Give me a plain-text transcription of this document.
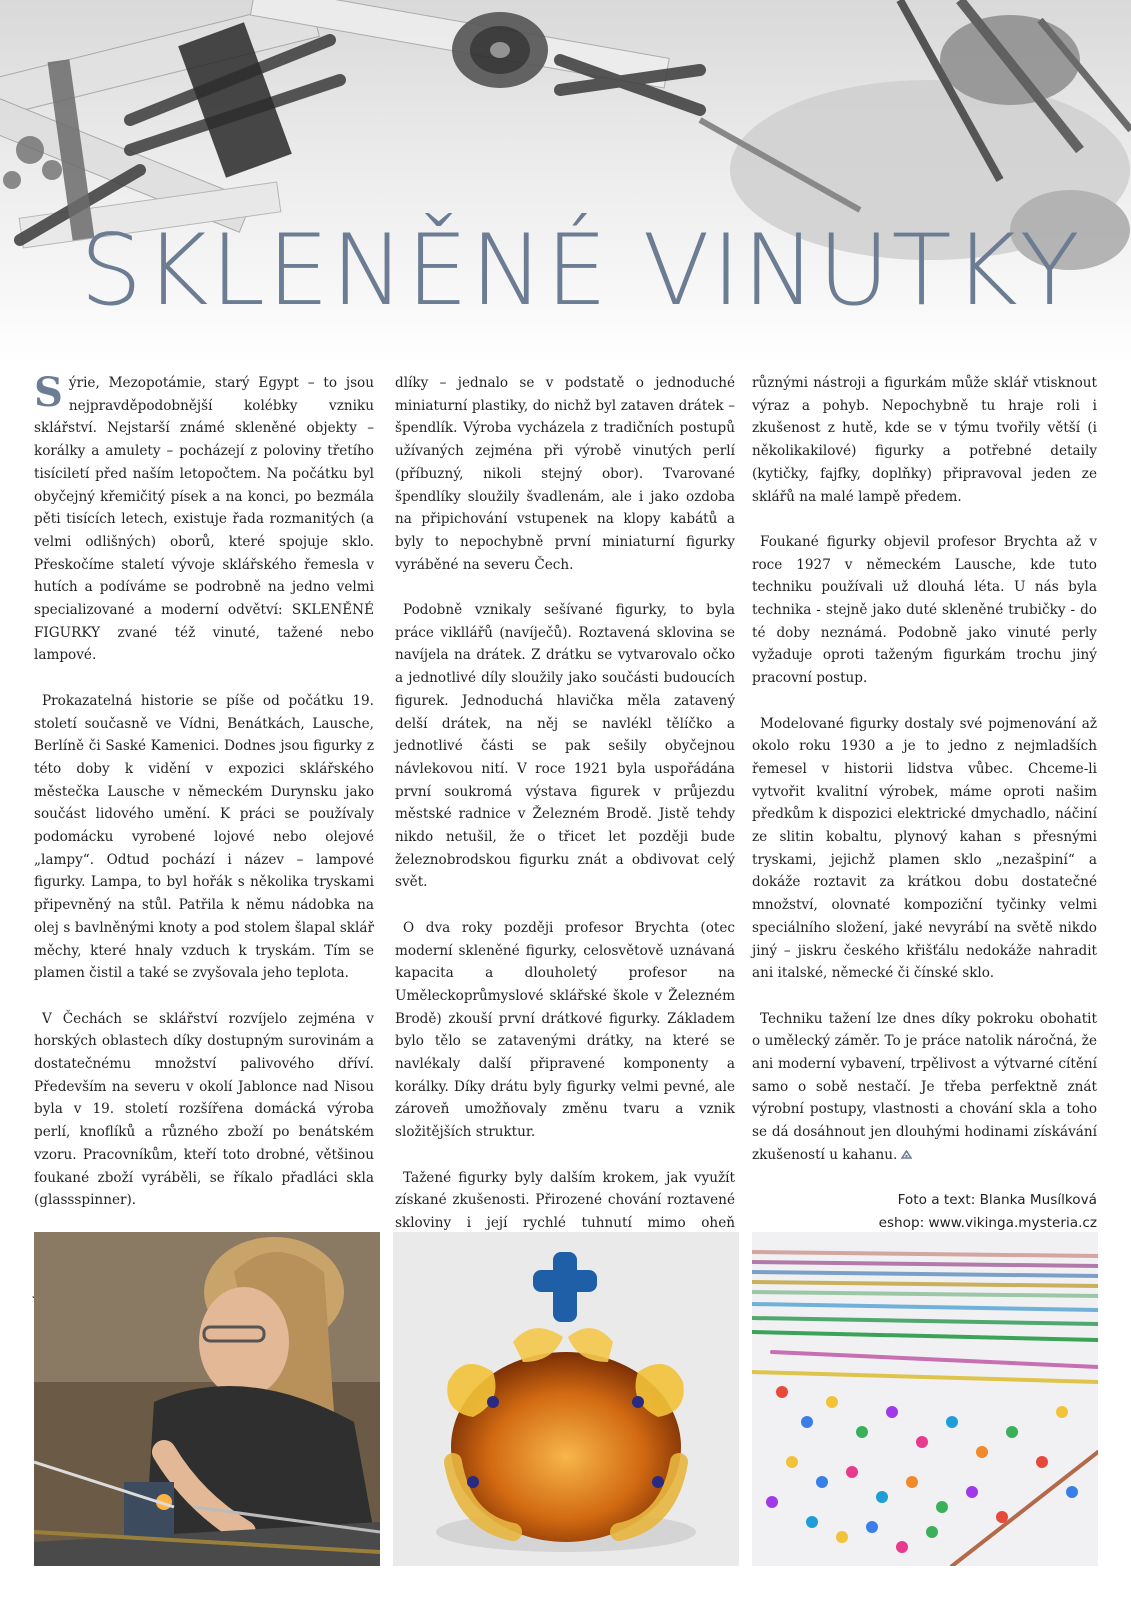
SKLENĚNÉ VINUTKY

Sýrie, Mezopotámie, starý Egypt – to jsou nejpravděpodobnější kolébky vzniku sklářství. Nejstarší známé skleněné objekty – korálky a amulety – pocházejí z poloviny třetího tisíciletí před naším letopočtem. Na počátku byl obyčejný křemičitý písek a na konci, po bezmála pěti tisících letech, existuje řada rozmanitých (a velmi odlišných) oborů, které spojuje sklo. Přeskočíme staletí vývoje sklářského řemesla v hutích a podíváme se podrobně na jedno velmi specializované a moderní odvětví: SKLENĚNÉ FIGURKY zvané též vinuté, tažené nebo lampové.

Prokazatelná historie se píše od počátku 19. století současně ve Vídni, Benátkách, Lausche, Berlíně či Saské Kamenici. Dodnes jsou figurky z této doby k vidění v expozici sklářského městečka Lausche v německém Durynsku jako součást lidového umění. K práci se používaly podomácku vyrobené lojové nebo olejové „lampy“. Odtud pochází i název – lampové figurky. Lampa, to byl hořák s několika tryskami připevněný na stůl. Patřila k němu nádobka na olej s bavlněnými knoty a pod stolem šlapal sklář měchy, které hnaly vzduch k tryskám. Tím se plamen čistil a také se zvyšovala jeho teplota.

V Čechách se sklářství rozvíjelo zejména v horských oblastech díky dostupným surovinám a dostatečnému množství palivového dříví. Především na severu v okolí Jablonce nad Nisou byla v 19. století rozšířena domácká výroba perlí, knoflíků a různého zboží po benátském vzoru. Pracovníkům, kteří toto drobné, většinou foukané zboží vyráběli, se říkalo přadláci skla (glassspinner).

dlíky – jednalo se v podstatě o jednoduché miniaturní plastiky, do nichž byl zataven drátek – špendlík. Výroba vycházela z tradičních postupů užívaných zejména při výrobě vinutých perlí (příbuzný, nikoli stejný obor). Tvarované špendlíky sloužily švadlenám, ale i jako ozdoba na připichování vstupenek na klopy kabátů a byly to nepochybně první miniaturní figurky vyráběné na severu Čech.

Podobně vznikaly sešívané figurky, to byla práce vikllářů (navíječů). Roztavená sklovina se navíjela na drátek. Z drátku se vytvarovalo očko a jednotlivé díly sloužily jako součásti budoucích figurek. Jednoduchá hlavička měla zatavený delší drátek, na něj se navlékl tělíčko a jednotlivé části se pak sešily obyčejnou návlekovou nití. V roce 1921 byla uspořádána první soukromá výstava figurek v průjezdu městské radnice v Železném Brodě. Jistě tehdy nikdo netušil, že o třicet let později bude železnobrodskou figurku znát a obdivovat celý svět.

O dva roky později profesor Brychta (otec moderní skleněné figurky, celosvětově uznávaná kapacita a dlouholetý profesor na Uměleckoprůmyslové sklářské škole v Železném Brodě) zkouší první drátkové figurky. Základem bylo tělo se zatavenými drátky, na které se navlékaly další připravené komponenty a korálky. Díky drátu byly figurky velmi pevné, ale zároveň umožňovaly změnu tvaru a vznik složitějších struktur.

Tažené figurky byly dalším krokem, jak využít získané zkušenosti. Přirozené chování roztavené skloviny i její rychlé tuhnutí mimo oheň

různými nástroji a figurkám může sklář vtisknout výraz a pohyb. Nepochybně tu hraje roli i zkušenost z hutě, kde se v týmu tvořily větší (i několikakilové) figurky a potřebné detaily (kytičky, fajfky, doplňky) připravoval jeden ze sklářů na malé lampě předem.

Foukané figurky objevil profesor Brychta až v roce 1927 v německém Lausche, kde tuto techniku používali už dlouhá léta. U nás byla technika - stejně jako duté skleněné trubičky - do té doby neznámá. Podobně jako vinuté perly vyžaduje oproti taženým figurkám trochu jiný pracovní postup.

Modelované figurky dostaly své pojmenování až okolo roku 1930 a je to jedno z nejmladších řemesel v historii lidstva vůbec. Chceme-li vytvořit kvalitní výrobek, máme oproti našim předkům k dispozici elektrické dmychadlo, náčiní ze slitin kobaltu, plynový kahan s přesnými tryskami, jejichž plamen sklo „nezašpiní“ a dokáže roztavit za krátkou dobu dostatečné množství, olovnaté kompoziční tyčinky velmi speciálního složení, jaké nevyrábí na světě nikdo jiný – jiskru českého křišťálu nedokáže nahradit ani italské, německé či čínské sklo.

Techniku tažení lze dnes díky pokroku obohatit o umělecký záměr. To je práce natolik náročná, že ani moderní vybavení, trpělivost a výtvarné cítění samo o sobě nestačí. Je třeba perfektně znát výrobní postupy, vlastnosti a chování skla a toho se dá dosáhnout jen dlouhými hodinami získávání zkušeností u kahanu.

Foto a text: Blanka Musílková
eshop: www.vikinga.mysteria.cz
